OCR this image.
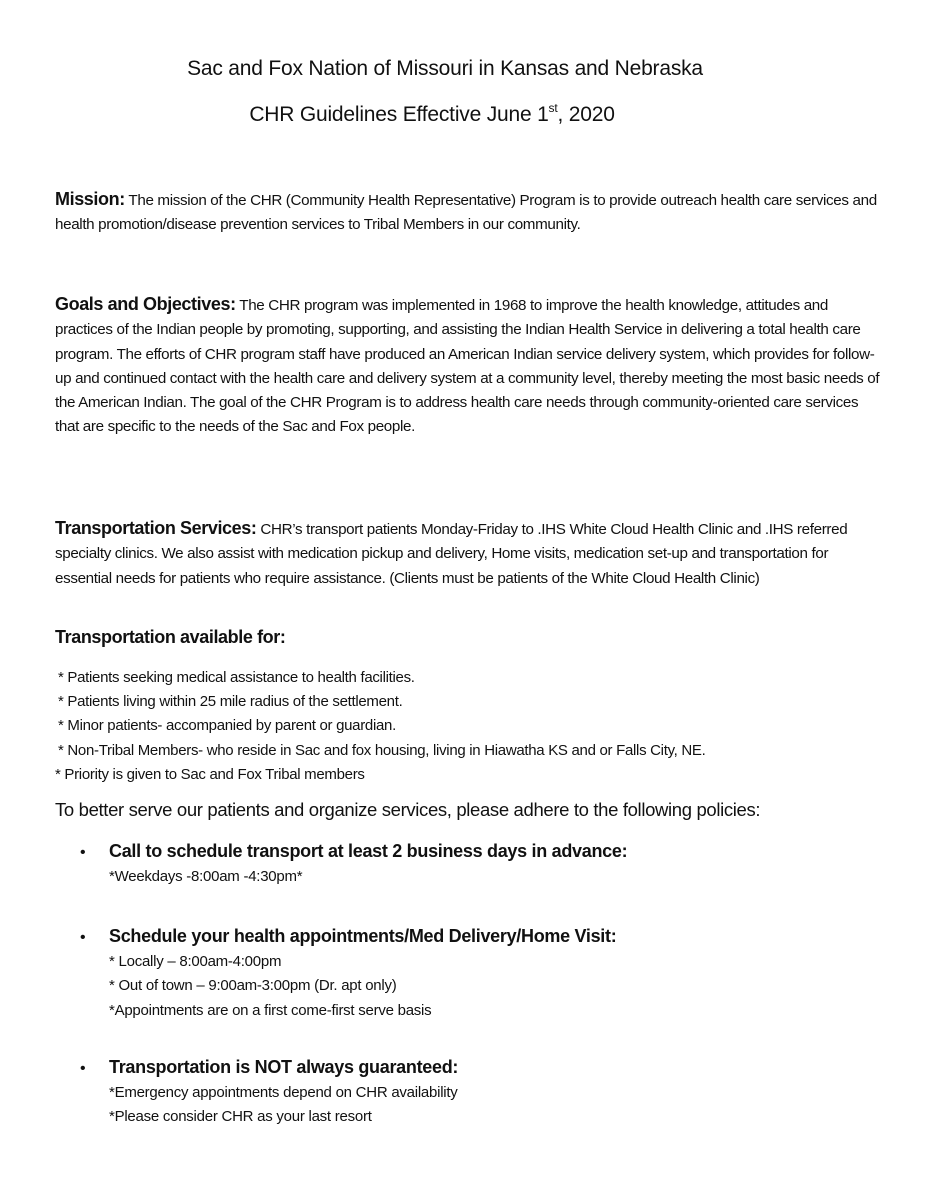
Sac and Fox Nation of Missouri in Kansas and Nebraska
CHR Guidelines Effective June 1st, 2020
Mission: The mission of the CHR (Community Health Representative) Program is to provide outreach health care services and health promotion/disease prevention services to Tribal Members in our community.
Goals and Objectives: The CHR program was implemented in 1968 to improve the health knowledge, attitudes and practices of the Indian people by promoting, supporting, and assisting the Indian Health Service in delivering a total health care program. The efforts of CHR program staff have produced an American Indian service delivery system, which provides for follow-up and continued contact with the health care and delivery system at a community level, thereby meeting the most basic needs of the American Indian. The goal of the CHR Program is to address health care needs through community-oriented care services that are specific to the needs of the Sac and Fox people.
Transportation Services: CHR’s transport patients Monday-Friday to .IHS White Cloud Health Clinic and .IHS referred specialty clinics. We also assist with medication pickup and delivery, Home visits, medication set-up and transportation for essential needs for patients who require assistance. (Clients must be patients of the White Cloud Health Clinic)
Transportation available for:
* Patients seeking medical assistance to health facilities.
* Patients living within 25 mile radius of the settlement.
* Minor patients- accompanied by parent or guardian.
* Non-Tribal Members- who reside in Sac and fox housing, living in Hiawatha KS and or Falls City, NE.
* Priority is given to Sac and Fox Tribal members
To better serve our patients and organize services, please adhere to the following policies:
•	Call to schedule transport at least 2 business days in advance:
*Weekdays -8:00am -4:30pm*
•	Schedule your health appointments/Med Delivery/Home Visit:
* Locally – 8:00am-4:00pm
* Out of town – 9:00am-3:00pm (Dr. apt only)
*Appointments are on a first come-first serve basis
•	Transportation is NOT always guaranteed:
*Emergency appointments depend on CHR availability
*Please consider CHR as your last resort
